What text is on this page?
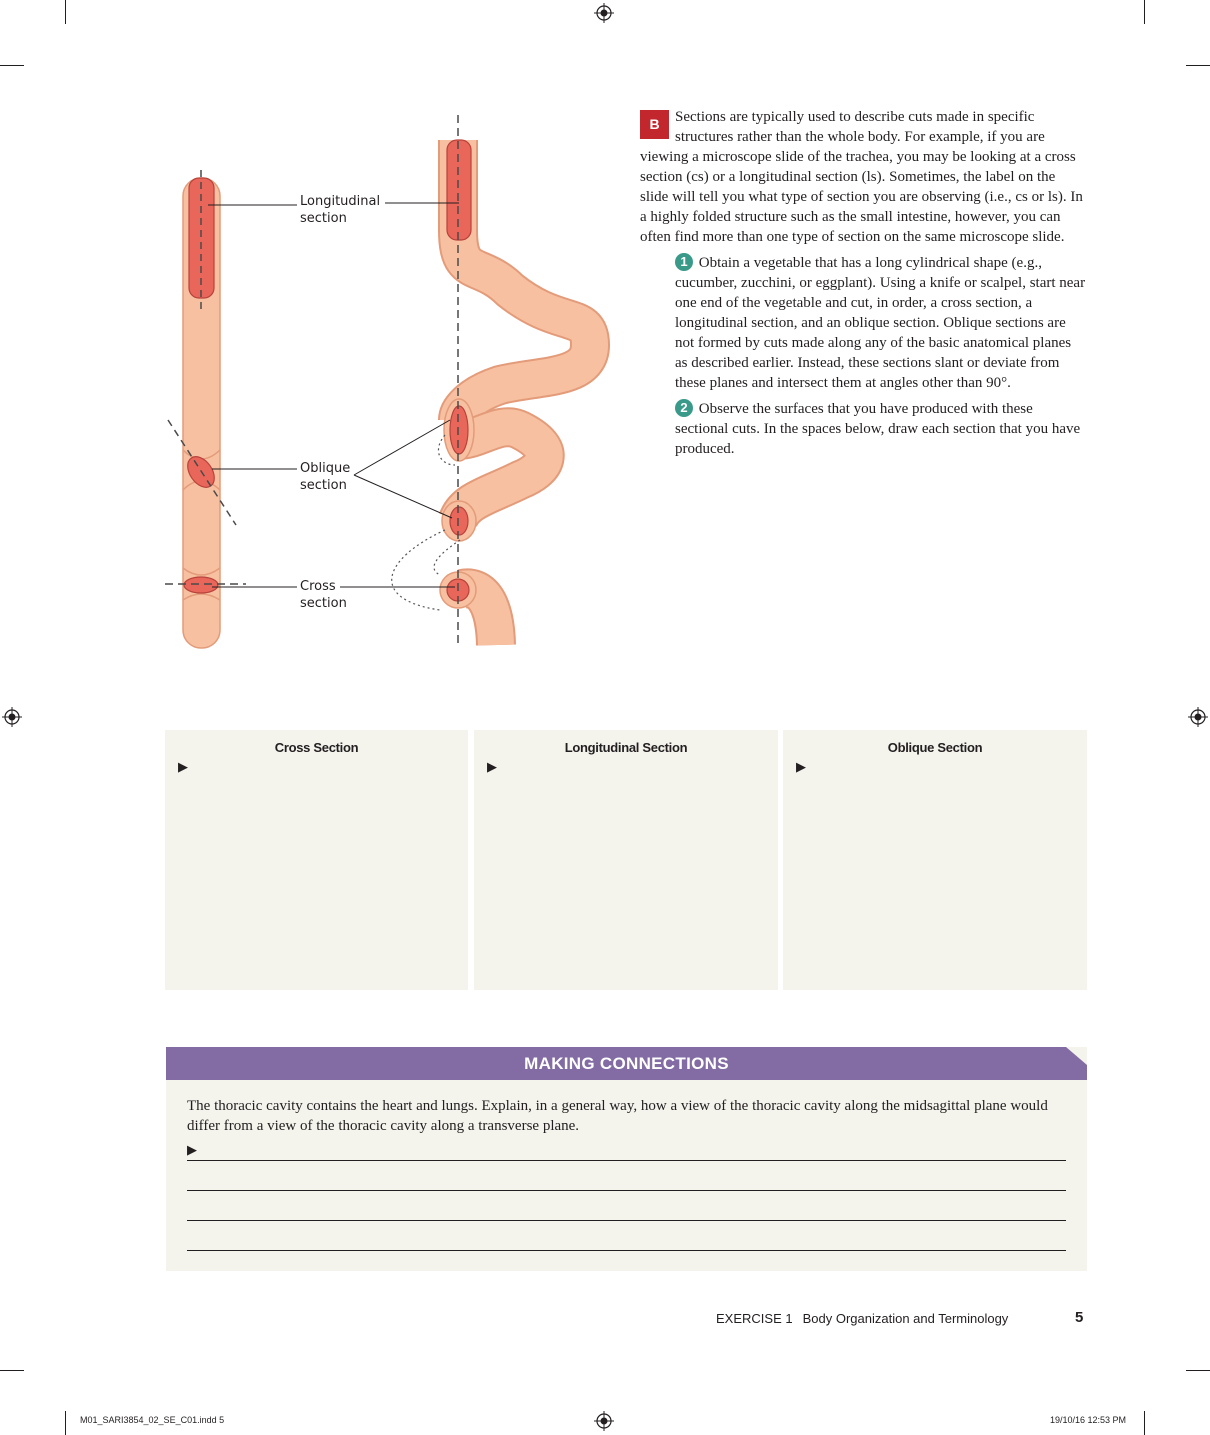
Longitudinal
section
Oblique
section
Cross
section

B	Sections are typically used to describe cuts made in specific structures rather than the whole body. For example, if you are viewing a microscope slide of the trachea, you may be looking at a cross section (cs) or a longitudinal section (ls). Sometimes, the label on the slide will tell you what type of section you are observing (i.e., cs or ls). In a highly folded structure such as the small intestine, however, you can often find more than one type of section on the same microscope slide.

1 Obtain a vegetable that has a long cylindrical shape (e.g., cucumber, zucchini, or eggplant). Using a knife or scalpel, start near one end of the vegetable and cut, in order, a cross section, a longitudinal section, and an oblique section. Oblique sections are not formed by cuts made along any of the basic anatomical planes as described earlier. Instead, these sections slant or deviate from these planes and intersect them at angles other than 90°.

2 Observe the surfaces that you have produced with these sectional cuts. In the spaces below, draw each section that you have produced.

Cross Section
▶
Longitudinal Section
▶
Oblique Section
▶
MAKING CONNECTIONS
The thoracic cavity contains the heart and lungs. Explain, in a general way, how a view of the thoracic cavity along the midsagittal plane would differ from a view of the thoracic cavity along a transverse plane.
▶
EXERCISE 1 Body Organization and Terminology	5
M01_SARI3854_02_SE_C01.indd 5	19/10/16 12:53 PM
